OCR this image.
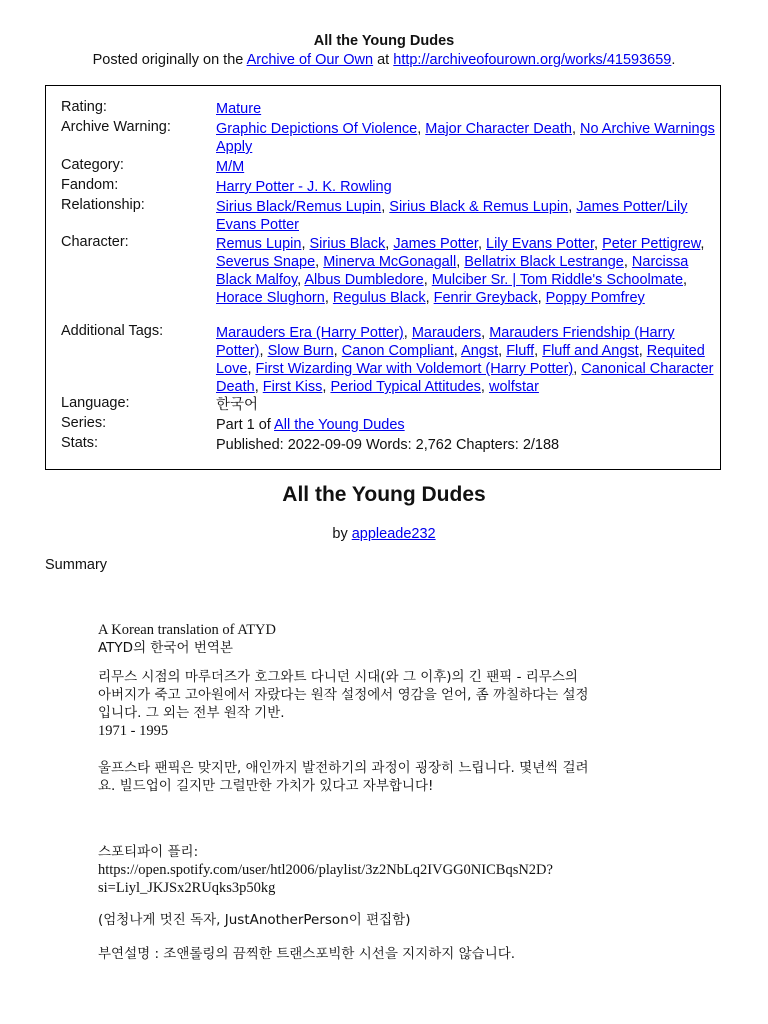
All the Young Dudes
Posted originally on the Archive of Our Own at http://archiveofourown.org/works/41593659.
Rating:	Mature
Archive Warning:	Graphic Depictions Of Violence, Major Character Death, No Archive Warnings Apply
Category:	M/M
Fandom:	Harry Potter - J. K. Rowling
Relationship:	Sirius Black/Remus Lupin, Sirius Black & Remus Lupin, James Potter/Lily Evans Potter
Character:	Remus Lupin, Sirius Black, James Potter, Lily Evans Potter, Peter Pettigrew, Severus Snape, Minerva McGonagall, Bellatrix Black Lestrange, Narcissa Black Malfoy, Albus Dumbledore, Mulciber Sr. | Tom Riddle's Schoolmate, Horace Slughorn, Regulus Black, Fenrir Greyback, Poppy Pomfrey
Additional Tags:	Marauders Era (Harry Potter), Marauders, Marauders Friendship (Harry Potter), Slow Burn, Canon Compliant, Angst, Fluff, Fluff and Angst, Requited Love, First Wizarding War with Voldemort (Harry Potter), Canonical Character Death, First Kiss, Period Typical Attitudes, wolfstar
Language:	한국어
Series:	Part 1 of All the Young Dudes
Stats:	Published: 2022-09-09 Words: 2,762 Chapters: 2/188
All the Young Dudes
by appleade232
Summary
A Korean translation of ATYD
ATYD의 한국어 번역본
리무스 시점의 마루더즈가 호그와트 다니던 시대(와 그 이후)의 긴 팬픽 - 리무스의
아버지가 죽고 고아원에서 자랐다는 원작 설정에서 영감을 얻어, 좀 까칠하다는 설정
입니다. 그 외는 전부 원작 기반.
1971 - 1995
울프스타 팬픽은 맞지만, 애인까지 발전하기의 과정이 굉장히 느립니다. 몇년씩 걸려
요. 빌드업이 길지만 그럴만한 가치가 있다고 자부합니다!
스포티파이 플리:
https://open.spotify.com/user/htl2006/playlist/3z2NbLq2IVGG0NICBqsN2D?
si=Liyl_JKJSx2RUqks3p50kg
(엄청나게 멋진 독자, JustAnotherPerson이 편집함)
부연설명 : 조앤롤링의 끔찍한 트랜스포빅한 시선을 지지하지 않습니다.
